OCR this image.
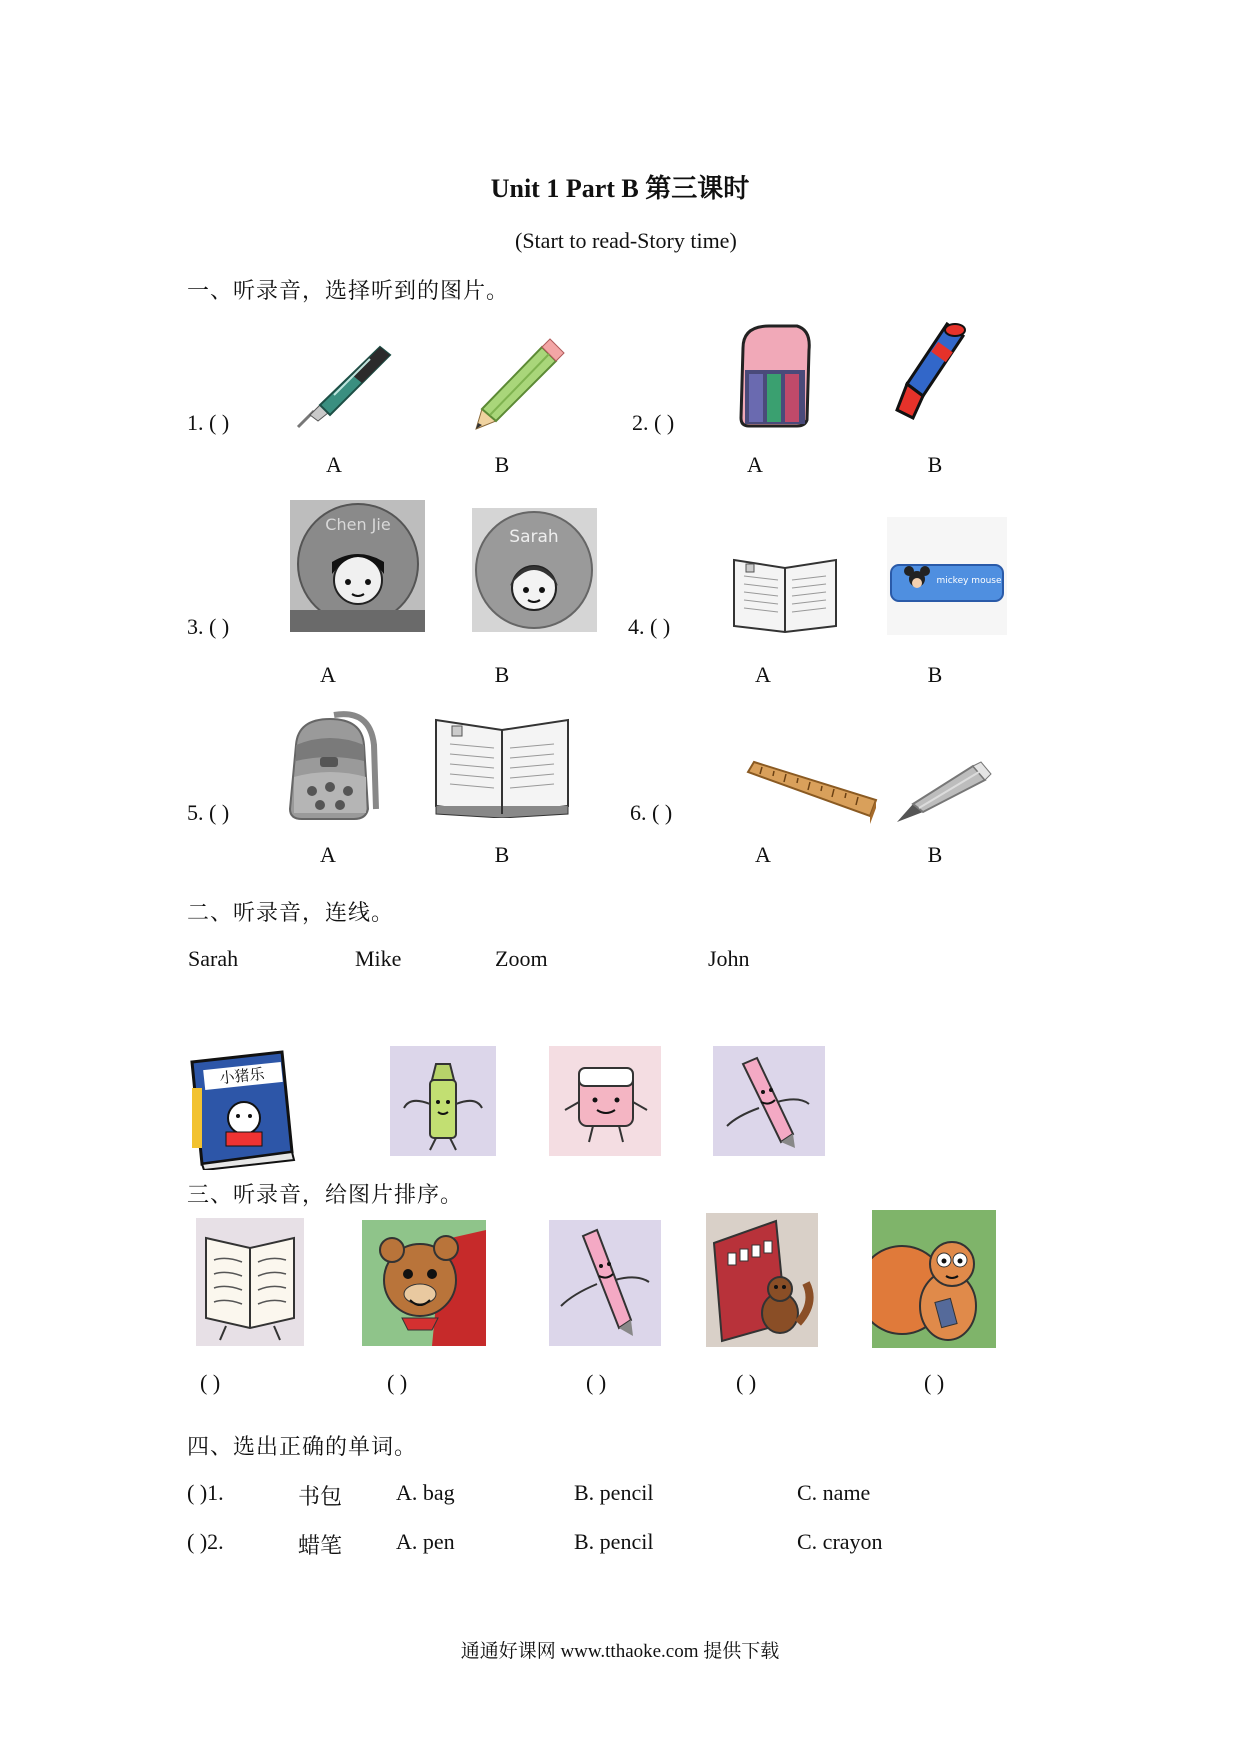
Unit 1 Part B 第三课时
(Start to read-Story time)
一、听录音，选择听到的图片。
1. ( )
A	B
2. ( )
A	B
3. ( )
Chen Jie
Sarah
A	B
4. ( )
mickey mouse
A	B
5. ( )
A	B
6. ( )
A	B
二、听录音，连线。
Sarah	Mike	Zoom	John
小猪乐
三、听录音，给图片排序。
( )	( )	( )	( )	( )
四、选出正确的单词。
( )1.	书包 A. bag	B. pencil	C. name
( )2.	蜡笔 A. pen	B. pencil	C. crayon
通通好课网 www.tthaoke.com 提供下载
